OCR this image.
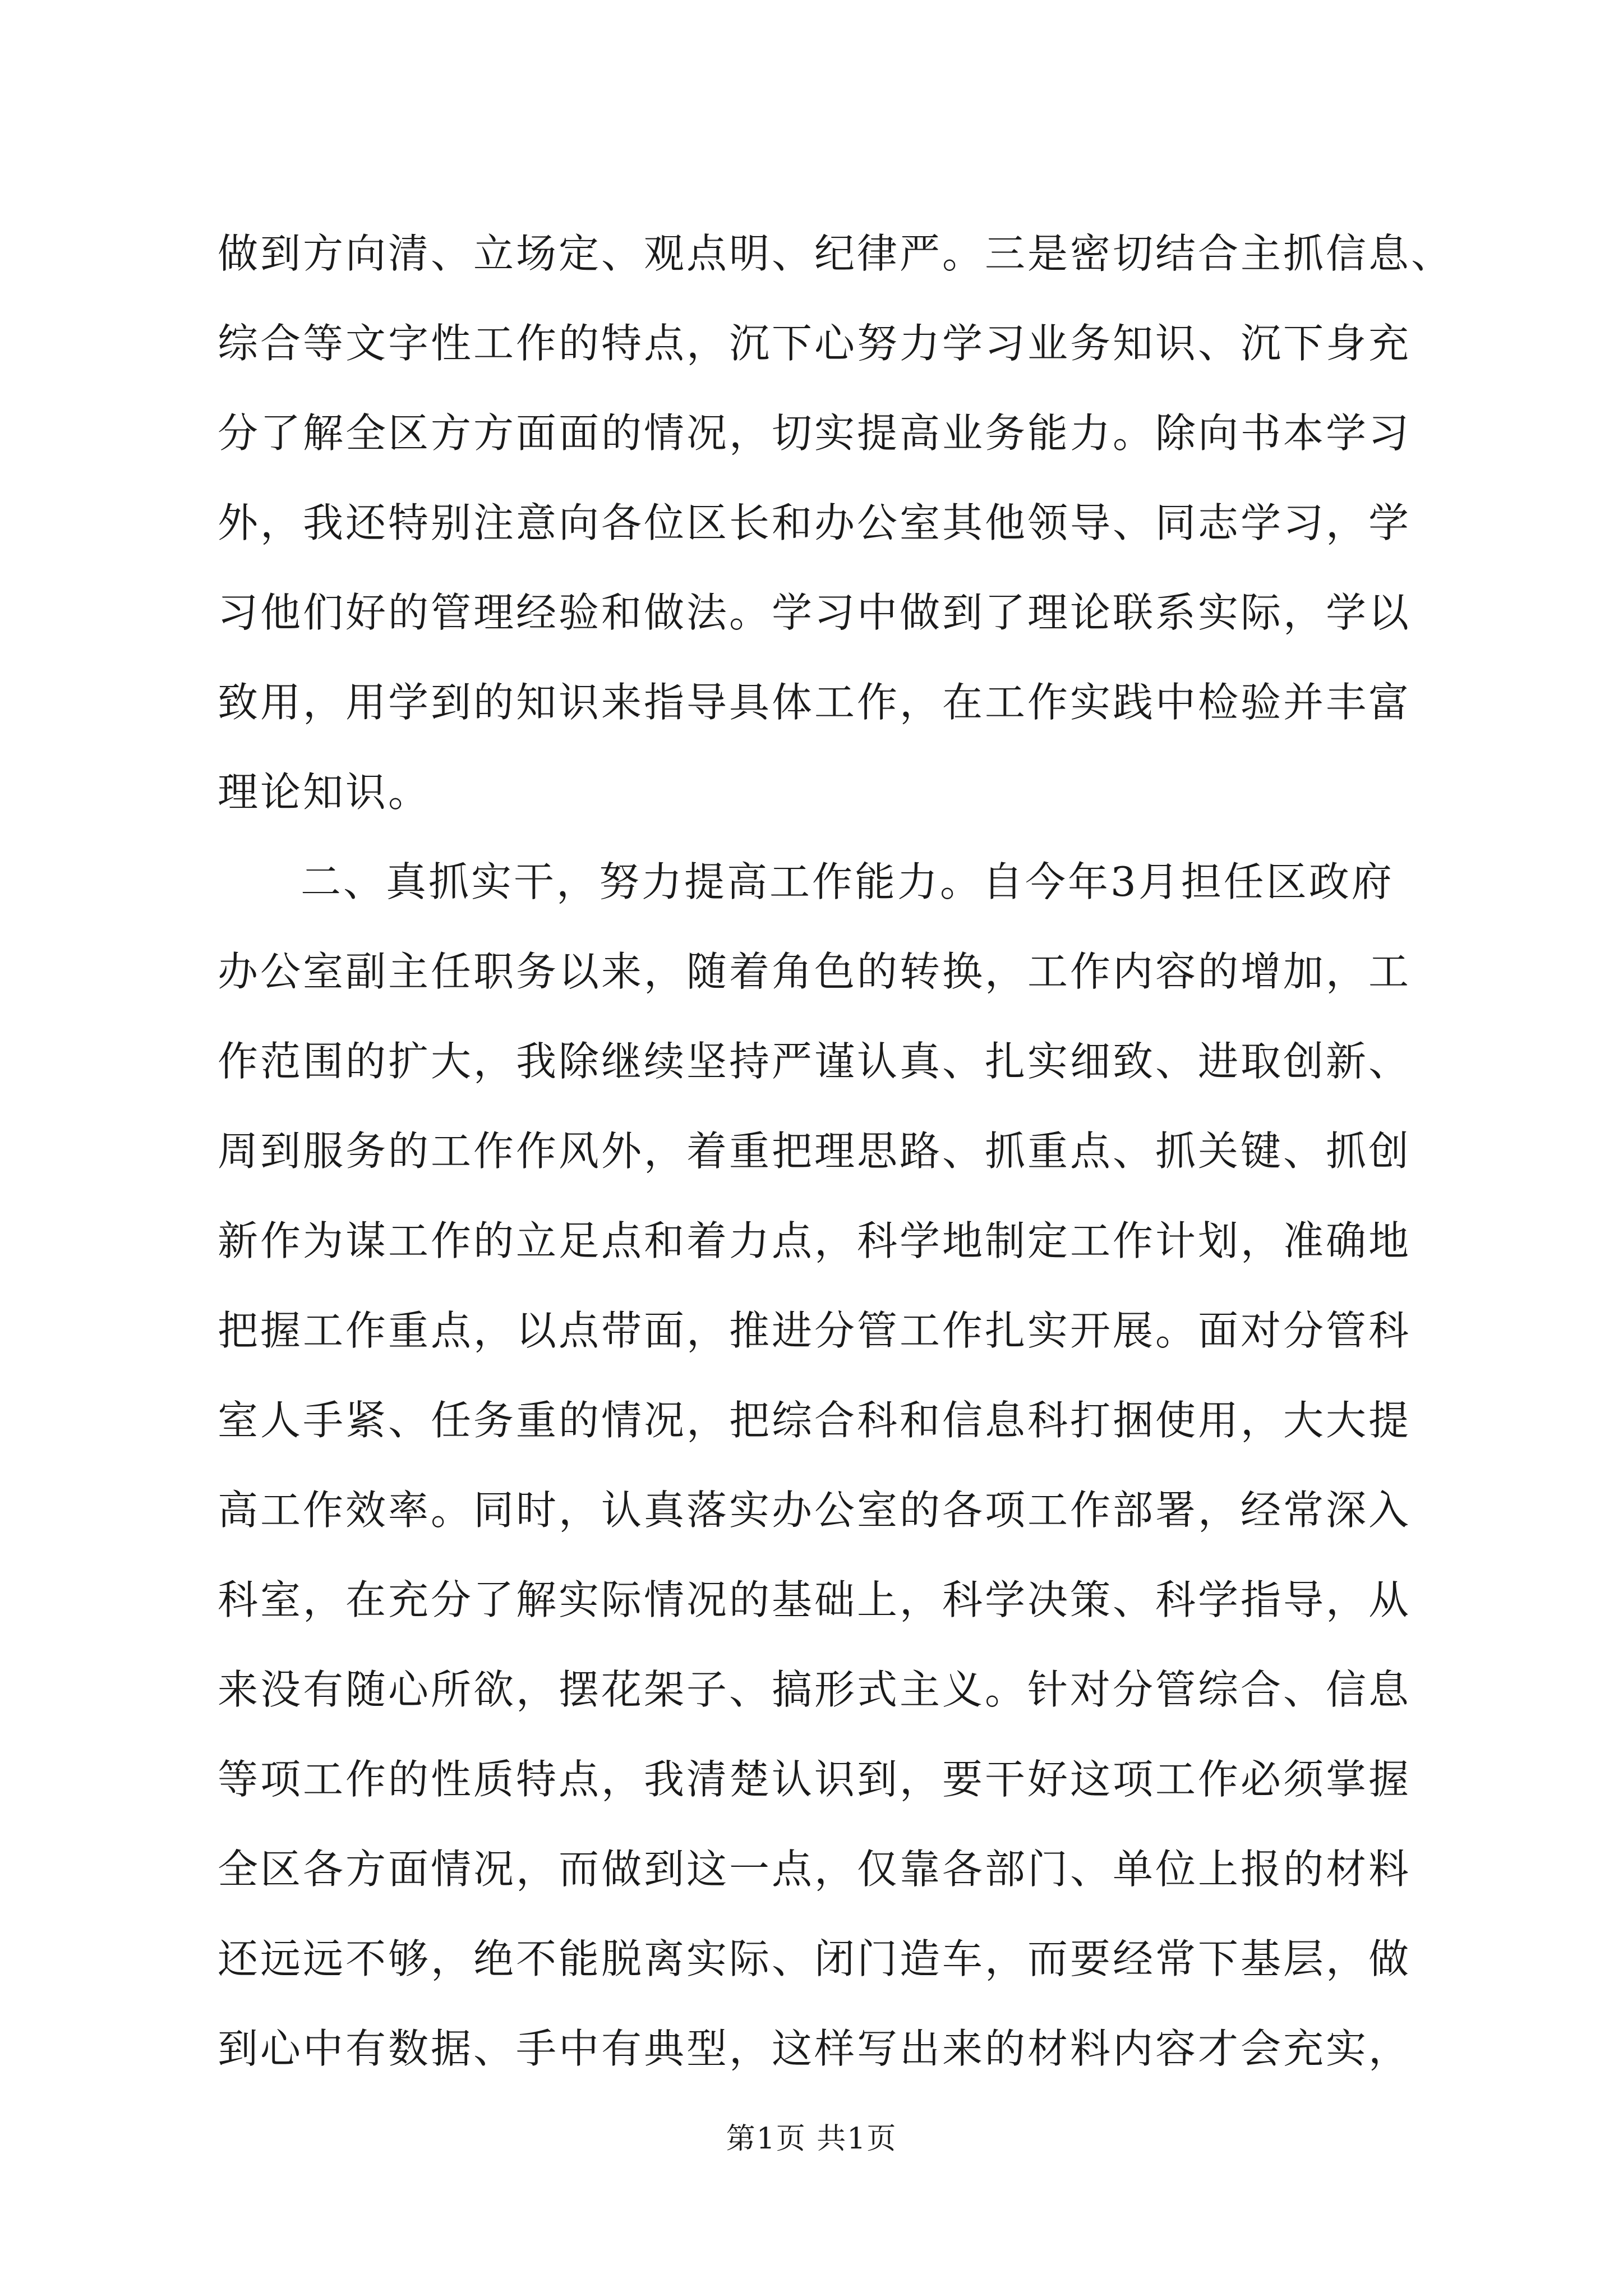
做到方向清、立场定、观点明、纪律严。三是密切结合主抓信息、
综合等文字性工作的特点，沉下心努力学习业务知识、沉下身充
分了解全区方方面面的情况，切实提高业务能力。除向书本学习
外，我还特别注意向各位区长和办公室其他领导、同志学习，学
习他们好的管理经验和做法。学习中做到了理论联系实际，学以
致用，用学到的知识来指导具体工作，在工作实践中检验并丰富
理论知识。
二、真抓实干，努力提高工作能力。自今年3月担任区政府
办公室副主任职务以来，随着角色的转换，工作内容的增加，工
作范围的扩大，我除继续坚持严谨认真、扎实细致、进取创新、
周到服务的工作作风外，着重把理思路、抓重点、抓关键、抓创
新作为谋工作的立足点和着力点，科学地制定工作计划，准确地
把握工作重点，以点带面，推进分管工作扎实开展。面对分管科
室人手紧、任务重的情况，把综合科和信息科打捆使用，大大提
高工作效率。同时，认真落实办公室的各项工作部署，经常深入
科室，在充分了解实际情况的基础上，科学决策、科学指导，从
来没有随心所欲，摆花架子、搞形式主义。针对分管综合、信息
等项工作的性质特点，我清楚认识到，要干好这项工作必须掌握
全区各方面情况，而做到这一点，仅靠各部门、单位上报的材料
还远远不够，绝不能脱离实际、闭门造车，而要经常下基层，做
到心中有数据、手中有典型，这样写出来的材料内容才会充实，
第1页 共1页
